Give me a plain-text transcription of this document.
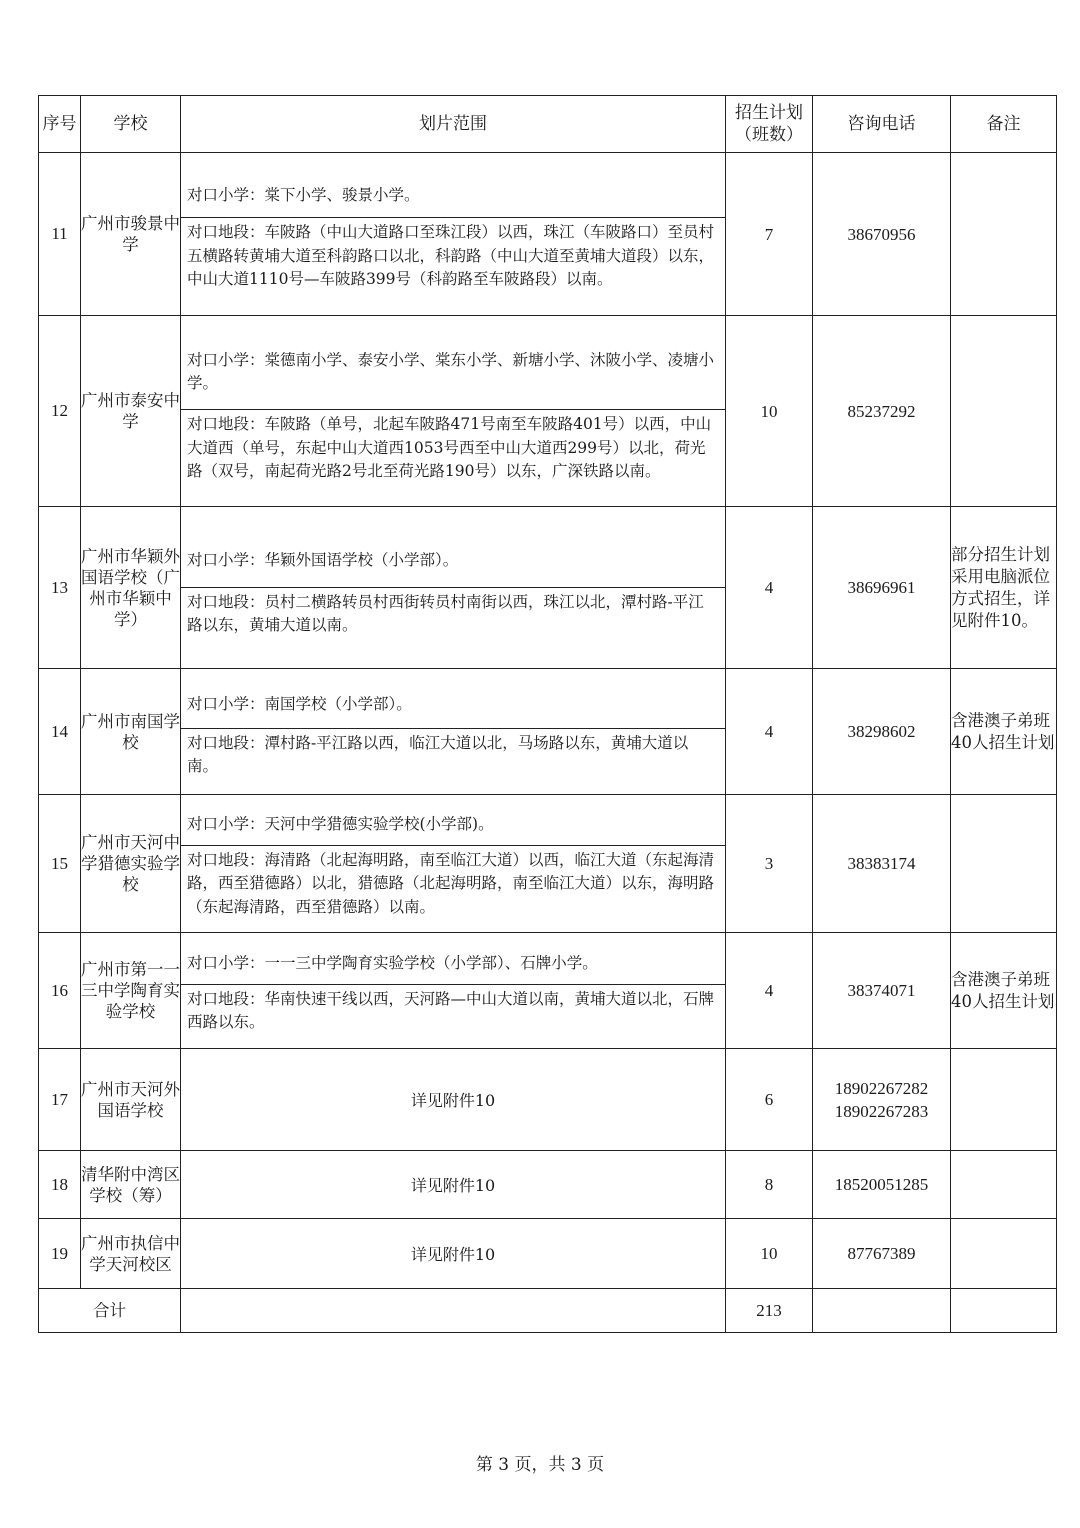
序号	学校	划片范围	招生计划（班数）	咨询电话	备注
11	广州市骏景中学	对口小学：棠下小学、骏景小学。
对口地段：车陂路（中山大道路口至珠江段）以西，珠江（车陂路口）至员村五横路转黄埔大道至科韵路口以北，科韵路（中山大道至黄埔大道段）以东，中山大道1110号—车陂路399号（科韵路至车陂路段）以南。	7	38670956	
12	广州市泰安中学	对口小学：棠德南小学、泰安小学、棠东小学、新塘小学、沐陂小学、凌塘小学。
对口地段：车陂路（单号，北起车陂路471号南至车陂路401号）以西，中山大道西（单号，东起中山大道西1053号西至中山大道西299号）以北，荷光路（双号，南起荷光路2号北至荷光路190号）以东，广深铁路以南。	10	85237292	
13	广州市华颖外国语学校（广州市华颖中学）	对口小学：华颖外国语学校（小学部）。
对口地段：员村二横路转员村西街转员村南街以西，珠江以北，潭村路-平江路以东，黄埔大道以南。	4	38696961	部分招生计划采用电脑派位方式招生，详见附件10。
14	广州市南国学校	对口小学：南国学校（小学部）。
对口地段：潭村路-平江路以西，临江大道以北，马场路以东，黄埔大道以南。	4	38298602	含港澳子弟班40人招生计划
15	广州市天河中学猎德实验学校	对口小学：天河中学猎德实验学校(小学部)。
对口地段：海清路（北起海明路，南至临江大道）以西，临江大道（东起海清路，西至猎德路）以北，猎德路（北起海明路，南至临江大道）以东，海明路（东起海清路，西至猎德路）以南。	3	38383174	
16	广州市第一一三中学陶育实验学校	对口小学：一一三中学陶育实验学校（小学部）、石牌小学。
对口地段：华南快速干线以西，天河路—中山大道以南，黄埔大道以北，石牌西路以东。	4	38374071	含港澳子弟班40人招生计划
17	广州市天河外国语学校	详见附件10	6	18902267282
18902267283	

18	清华附中湾区学校（筹）	详见附件10	8	18520051285	
19	广州市执信中学天河校区	详见附件10	10	87767389	
合计			213		
第 3 页，共 3 页
